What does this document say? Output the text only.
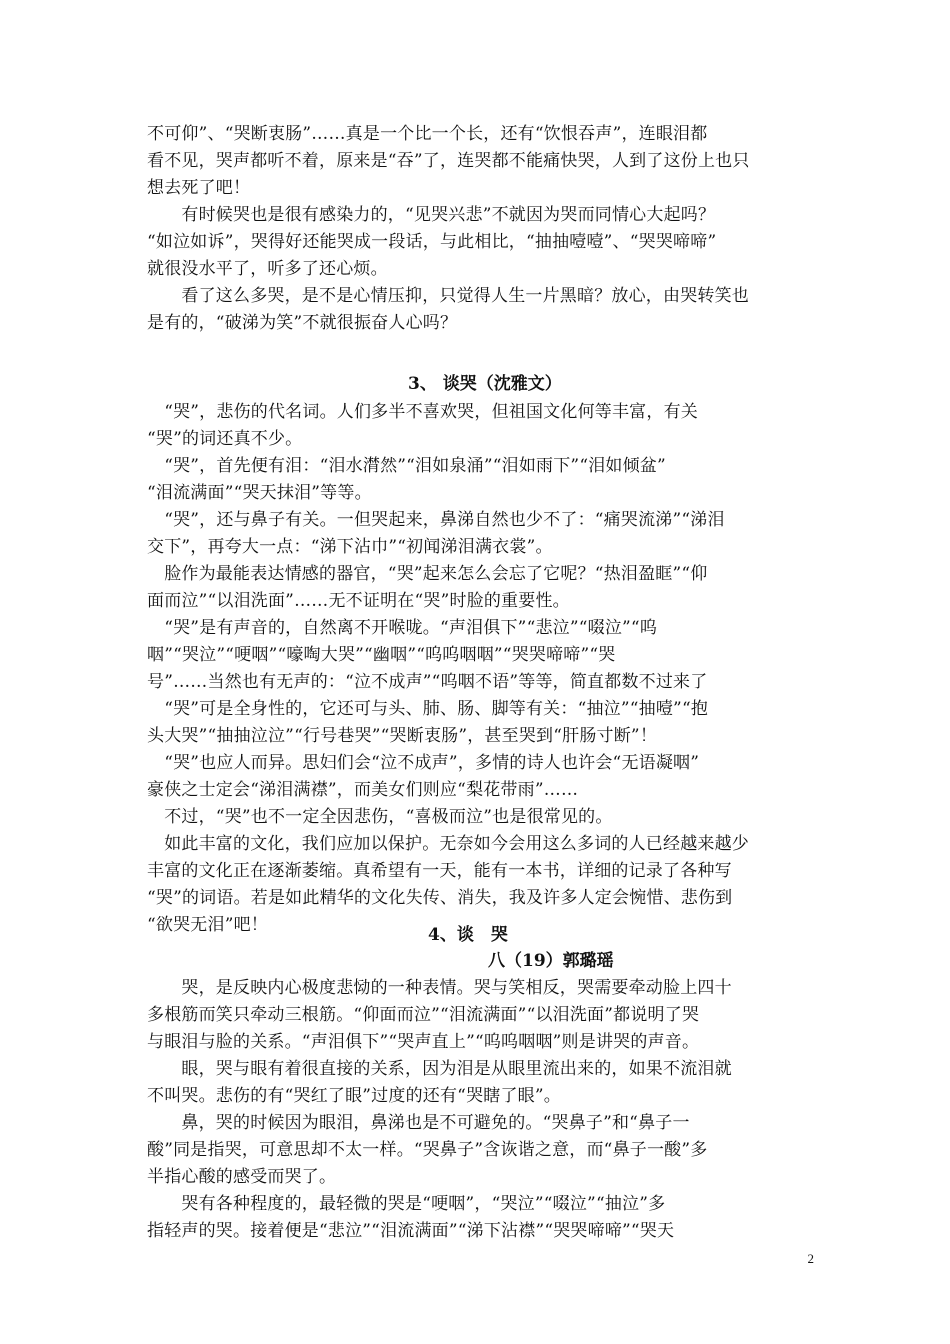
不可仰”、“哭断衷肠”……真是一个比一个长，还有“饮恨吞声”，连眼泪都
看不见，哭声都听不着，原来是“吞”了，连哭都不能痛快哭，人到了这份上也只
想去死了吧！
　　有时候哭也是很有感染力的，“见哭兴悲”不就因为哭而同情心大起吗？
“如泣如诉”，哭得好还能哭成一段话，与此相比，“抽抽噎噎”、“哭哭啼啼”
就很没水平了，听多了还心烦。
　　看了这么多哭，是不是心情压抑，只觉得人生一片黑暗？放心，由哭转笑也
是有的，“破涕为笑”不就很振奋人心吗？
3、 谈哭（沈雅文）
　“哭”，悲伤的代名词。人们多半不喜欢哭，但祖国文化何等丰富，有关
“哭”的词还真不少。
　“哭”，首先便有泪：“泪水潸然”“泪如泉涌”“泪如雨下”“泪如倾盆”
“泪流满面”“哭天抹泪”等等。
　“哭”，还与鼻子有关。一但哭起来，鼻涕自然也少不了：“痛哭流涕”“涕泪
交下”，再夸大一点：“涕下沾巾”“初闻涕泪满衣裳”。
　脸作为最能表达情感的器官，“哭”起来怎么会忘了它呢？“热泪盈眶”“仰
面而泣”“以泪洗面”……无不证明在“哭”时脸的重要性。
　“哭”是有声音的，自然离不开喉咙。“声泪俱下”“悲泣”“啜泣”“呜
咽”“哭泣”“哽咽”“嚎啕大哭”“幽咽”“呜呜咽咽”“哭哭啼啼”“哭
号”……当然也有无声的：“泣不成声”“呜咽不语”等等，简直都数不过来了
　“哭”可是全身性的，它还可与头、肺、肠、脚等有关：“抽泣”“抽噎”“抱
头大哭”“抽抽泣泣”“行号巷哭”“哭断衷肠”，甚至哭到“肝肠寸断”！
　“哭”也应人而异。思妇们会“泣不成声”，多情的诗人也许会“无语凝咽”
豪侠之士定会“涕泪满襟”，而美女们则应“梨花带雨”……
　不过，“哭”也不一定全因悲伤，“喜极而泣”也是很常见的。
　如此丰富的文化，我们应加以保护。无奈如今会用这么多词的人已经越来越少
丰富的文化正在逐渐萎缩。真希望有一天，能有一本书，详细的记录了各种写
“哭”的词语。若是如此精华的文化失传、消失，我及许多人定会惋惜、悲伤到
“欲哭无泪”吧！	4、谈　哭
八（19）郭璐瑶
　　哭，是反映内心极度悲恸的一种表情。哭与笑相反，哭需要牵动脸上四十
多根筋而笑只牵动三根筋。“仰面而泣”“泪流满面”“以泪洗面”都说明了哭
与眼泪与脸的关系。“声泪俱下”“哭声直上”“呜呜咽咽”则是讲哭的声音。
　　眼，哭与眼有着很直接的关系，因为泪是从眼里流出来的，如果不流泪就
不叫哭。悲伤的有“哭红了眼”过度的还有“哭瞎了眼”。
　　鼻，哭的时候因为眼泪，鼻涕也是不可避免的。“哭鼻子”和“鼻子一
酸”同是指哭，可意思却不太一样。“哭鼻子”含诙谐之意，而“鼻子一酸”多
半指心酸的感受而哭了。
　　哭有各种程度的，最轻微的哭是“哽咽”，“哭泣”“啜泣”“抽泣”多
指轻声的哭。接着便是“悲泣”“泪流满面”“涕下沾襟”“哭哭啼啼”“哭天
2
